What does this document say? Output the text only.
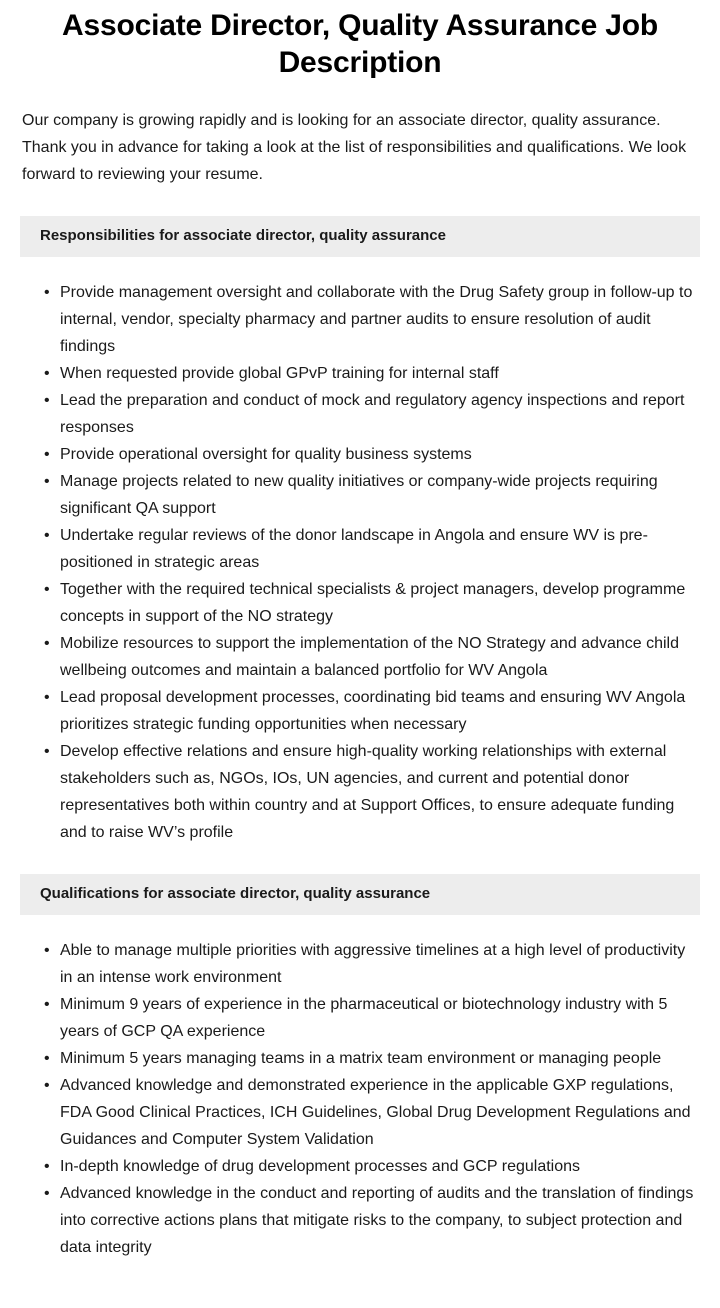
Associate Director, Quality Assurance Job Description

Our company is growing rapidly and is looking for an associate director, quality assurance. Thank you in advance for taking a look at the list of responsibilities and qualifications. We look forward to reviewing your resume.

Responsibilities for associate director, quality assurance
• Provide management oversight and collaborate with the Drug Safety group in follow-up to internal, vendor, specialty pharmacy and partner audits to ensure resolution of audit findings
• When requested provide global GPvP training for internal staff
• Lead the preparation and conduct of mock and regulatory agency inspections and report responses
• Provide operational oversight for quality business systems
• Manage projects related to new quality initiatives or company-wide projects requiring significant QA support
• Undertake regular reviews of the donor landscape in Angola and ensure WV is pre-positioned in strategic areas
• Together with the required technical specialists & project managers, develop programme concepts in support of the NO strategy
• Mobilize resources to support the implementation of the NO Strategy and advance child wellbeing outcomes and maintain a balanced portfolio for WV Angola
• Lead proposal development processes, coordinating bid teams and ensuring WV Angola prioritizes strategic funding opportunities when necessary
• Develop effective relations and ensure high-quality working relationships with external stakeholders such as, NGOs, IOs, UN agencies, and current and potential donor representatives both within country and at Support Offices, to ensure adequate funding and to raise WV’s profile
Qualifications for associate director, quality assurance
• Able to manage multiple priorities with aggressive timelines at a high level of productivity in an intense work environment
• Minimum 9 years of experience in the pharmaceutical or biotechnology industry with 5 years of GCP QA experience
• Minimum 5 years managing teams in a matrix team environment or managing people
• Advanced knowledge and demonstrated experience in the applicable GXP regulations, FDA Good Clinical Practices, ICH Guidelines, Global Drug Development Regulations and Guidances and Computer System Validation
• In-depth knowledge of drug development processes and GCP regulations
• Advanced knowledge in the conduct and reporting of audits and the translation of findings into corrective actions plans that mitigate risks to the company, to subject protection and data integrity
